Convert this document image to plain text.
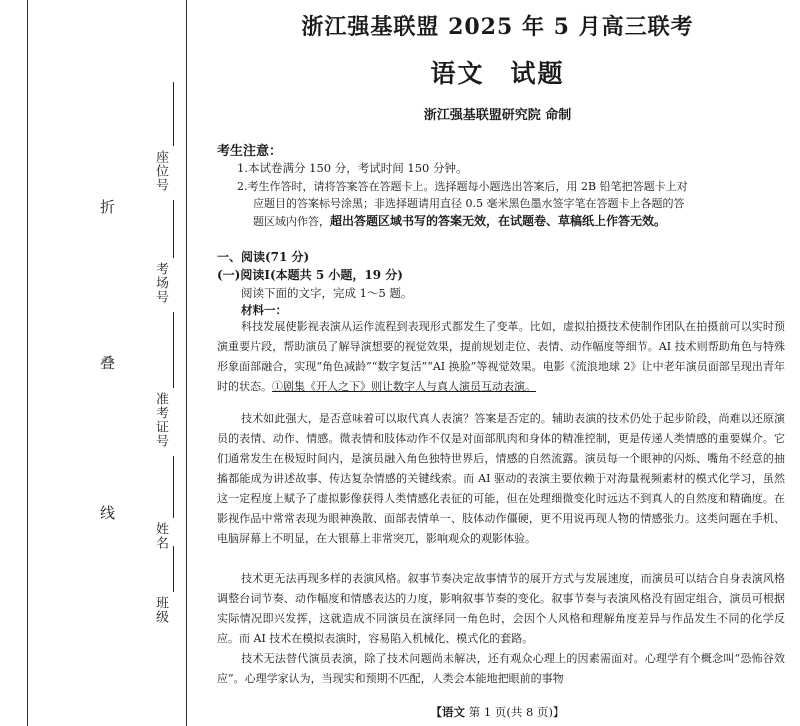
折
叠
线
座位号
考场号
准考证号
姓名
班级
浙江强基联盟 2025 年 5 月高三联考
语文 试题
浙江强基联盟研究院 命制
考生注意：
1.本试卷满分 150 分，考试时间 150 分钟。
2.考生作答时，请将答案答在答题卡上。选择题每小题选出答案后，用 2B 铅笔把答题卡上对
应题目的答案标号涂黑；非选择题请用直径 0.5 毫米黑色墨水签字笔在答题卡上各题的答
题区域内作答，超出答题区域书写的答案无效，在试题卷、草稿纸上作答无效。
一、阅读(71 分)
(一)阅读Ⅰ(本题共 5 小题，19 分)
阅读下面的文字，完成 1～5 题。
材料一：
科技发展使影视表演从运作流程到表现形式都发生了变革。比如，虚拟拍摄技术使制作团队在拍摄前可以实时预演重要片段，帮助演员了解导演想要的视觉效果，提前规划走位、表情、动作幅度等细节。AI 技术则帮助角色与特殊形象面部融合，实现“角色减龄”“数字复活”“AI 换脸”等视觉效果。电影《流浪地球 2》让中老年演员面部呈现出青年时的状态。①剧集《开人之下》则让数字人与真人演员互动表演。
技术如此强大，是否意味着可以取代真人表演？答案是否定的。辅助表演的技术仍处于起步阶段，尚难以还原演员的表情、动作、情感。微表情和肢体动作不仅是对面部肌肉和身体的精准控制，更是传递人类情感的重要媒介。它们通常发生在极短时间内，是演员融入角色独特世界后，情感的自然流露。演员每一个眼神的闪烁、嘴角不经意的抽搐都能成为讲述故事、传达复杂情感的关键线索。而 AI 驱动的表演主要依赖于对海量视频素材的模式化学习，虽然这一定程度上赋予了虚拟影像获得人类情感化表征的可能，但在处理细微变化时远达不到真人的自然度和精确度。在影视作品中常常表现为眼神涣散、面部表情单一、肢体动作僵硬，更不用说再现人物的情感张力。这类问题在手机、电脑屏幕上不明显，在大银幕上非常突兀，影响观众的观影体验。
技术更无法再现多样的表演风格。叙事节奏决定故事情节的展开方式与发展速度，而演员可以结合自身表演风格调整台词节奏、动作幅度和情感表达的力度，影响叙事节奏的变化。叙事节奏与表演风格没有固定组合，演员可根据实际情况即兴发挥，这就造成不同演员在演绎同一角色时，会因个人风格和理解角度差异与作品发生不同的化学反应。而 AI 技术在模拟表演时，容易陷入机械化、模式化的套路。
技术无法替代演员表演，除了技术问题尚未解决，还有观众心理上的因素需面对。心理学有个概念叫“恐怖谷效应”。心理学家认为，当现实和预期不匹配，人类会本能地把眼前的事物
【语文 第 1 页(共 8 页)】
